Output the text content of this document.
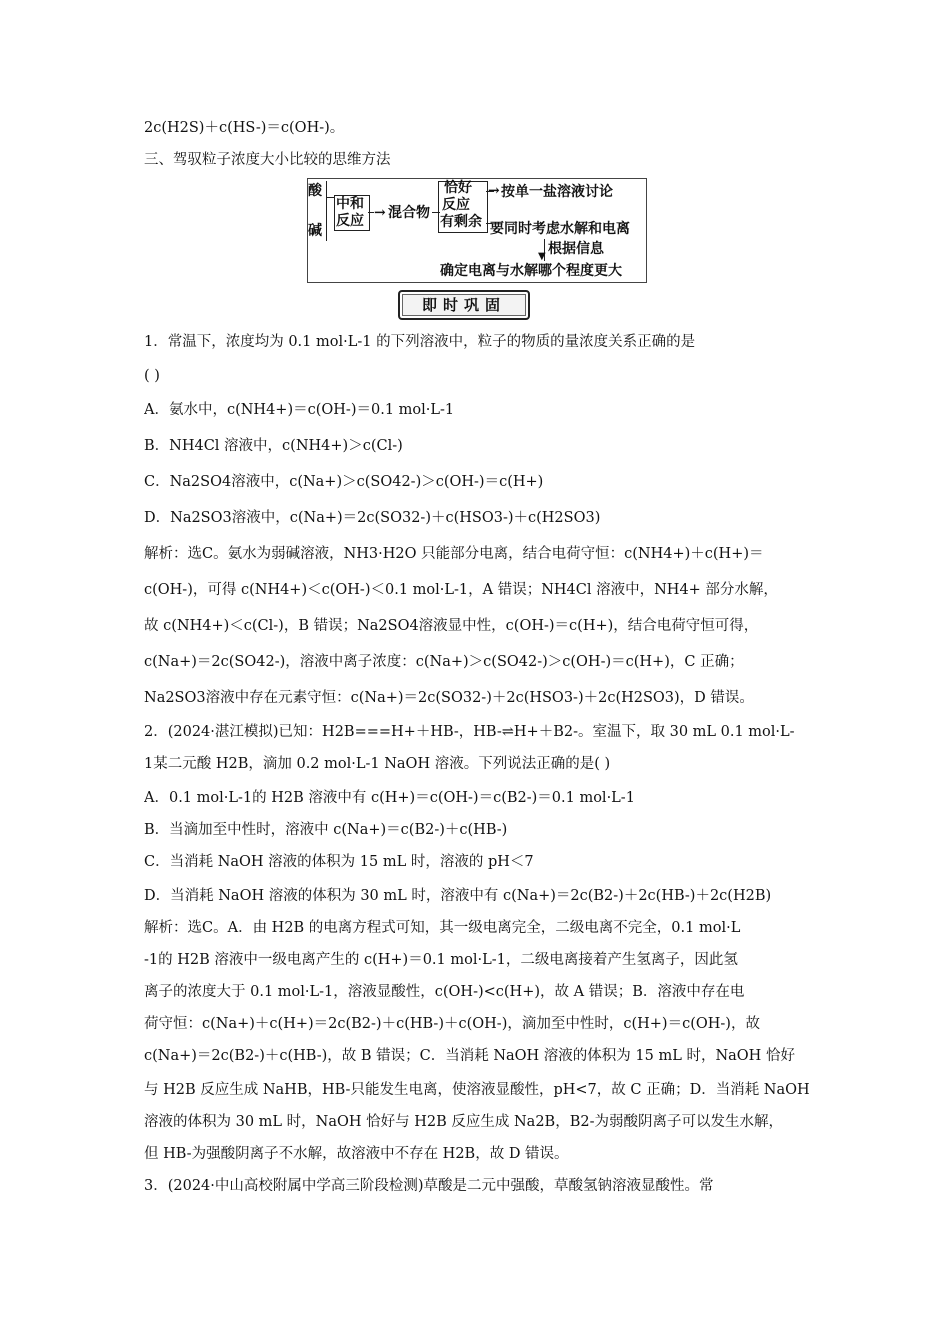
2c(H2S)＋c(HS-)＝c(OH-)。
三、驾驭粒子浓度大小比较的思维方法
酸
碱
中和
反应 → 混合物
恰好
反应
有剩余
→ 按单一盐溶液讨论
要同时考虑水解和电离
▼ 根据信息
确定电离与水解哪个程度更大
即时巩固
1．常温下，浓度均为 0.1 mol·L-1 的下列溶液中，粒子的物质的量浓度关系正确的是
( )
A．氨水中，c(NH4+)＝c(OH-)＝0.1 mol·L-1
B．NH4Cl 溶液中，c(NH4+)＞c(Cl-)
C．Na2SO4溶液中，c(Na+)＞c(SO42-)＞c(OH-)＝c(H+)
D．Na2SO3溶液中，c(Na+)＝2c(SO32-)＋c(HSO3-)＋c(H2SO3)
解析：选C。氨水为弱碱溶液，NH3·H2O 只能部分电离，结合电荷守恒：c(NH4+)＋c(H+)＝
c(OH-)，可得 c(NH4+)＜c(OH-)＜0.1 mol·L-1，A 错误；NH4Cl 溶液中，NH4+ 部分水解，
故 c(NH4+)＜c(Cl-)，B 错误；Na2SO4溶液显中性，c(OH-)＝c(H+)，结合电荷守恒可得，
c(Na+)＝2c(SO42-)，溶液中离子浓度：c(Na+)＞c(SO42-)＞c(OH-)＝c(H+)，C 正确；
Na2SO3溶液中存在元素守恒：c(Na+)＝2c(SO32-)＋2c(HSO3-)＋2c(H2SO3)，D 错误。
2．(2024·湛江模拟)已知：H2B===H+＋HB-，HB-⇌H+＋B2-。室温下，取 30 mL 0.1 mol·L-
1某二元酸 H2B，滴加 0.2 mol·L-1 NaOH 溶液。下列说法正确的是( )
A．0.1 mol·L-1的 H2B 溶液中有 c(H+)＝c(OH-)＝c(B2-)＝0.1 mol·L-1
B．当滴加至中性时，溶液中 c(Na+)＝c(B2-)＋c(HB-)
C．当消耗 NaOH 溶液的体积为 15 mL 时，溶液的 pH＜7
D．当消耗 NaOH 溶液的体积为 30 mL 时，溶液中有 c(Na+)＝2c(B2-)＋2c(HB-)＋2c(H2B)
解析：选C。A．由 H2B 的电离方程式可知，其一级电离完全，二级电离不完全，0.1 mol·L
-1的 H2B 溶液中一级电离产生的 c(H+)＝0.1 mol·L-1，二级电离接着产生氢离子，因此氢
离子的浓度大于 0.1 mol·L-1，溶液显酸性，c(OH-)<c(H+)，故 A 错误；B．溶液中存在电
荷守恒：c(Na+)＋c(H+)＝2c(B2-)＋c(HB-)＋c(OH-)，滴加至中性时，c(H+)＝c(OH-)，故
c(Na+)＝2c(B2-)＋c(HB-)，故 B 错误；C．当消耗 NaOH 溶液的体积为 15 mL 时，NaOH 恰好
与 H2B 反应生成 NaHB，HB-只能发生电离，使溶液显酸性，pH<7，故 C 正确；D．当消耗 NaOH
溶液的体积为 30 mL 时，NaOH 恰好与 H2B 反应生成 Na2B，B2-为弱酸阴离子可以发生水解，
但 HB-为强酸阴离子不水解，故溶液中不存在 H2B，故 D 错误。
3．(2024·中山高校附属中学高三阶段检测)草酸是二元中强酸，草酸氢钠溶液显酸性。常
